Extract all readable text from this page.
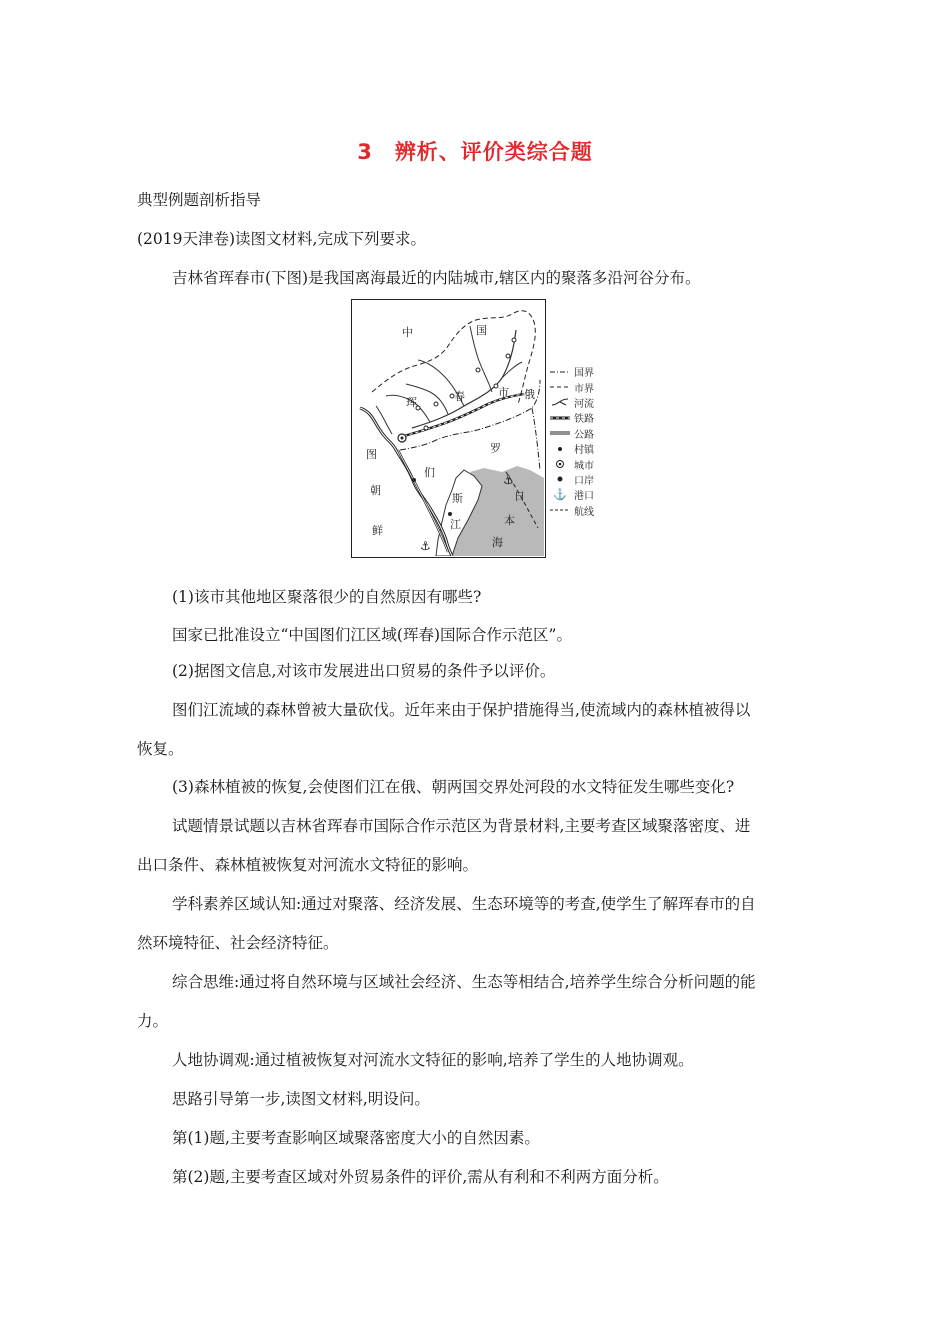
3 辨析、评价类综合题
典型例题剖析指导
(2019天津卷)读图文材料,完成下列要求。
吉林省珲春市(下图)是我国离海最近的内陆城市,辖区内的聚落多沿河谷分布。
⚓
⚓
中	国
珲	春	市 俄
罗
斯
图
们
江
朝
鲜
日
本
海
国界
市界
河流
铁路
公路
村镇
城市
口岸
⚓ 港口
航线
(1)该市其他地区聚落很少的自然原因有哪些?
国家已批准设立“中国图们江区域(珲春)国际合作示范区”。
(2)据图文信息,对该市发展进出口贸易的条件予以评价。
图们江流域的森林曾被大量砍伐。近年来由于保护措施得当,使流域内的森林植被得以
恢复。
(3)森林植被的恢复,会使图们江在俄、朝两国交界处河段的水文特征发生哪些变化?
试题情景试题以吉林省珲春市国际合作示范区为背景材料,主要考查区域聚落密度、进
出口条件、森林植被恢复对河流水文特征的影响。
学科素养区域认知:通过对聚落、经济发展、生态环境等的考查,使学生了解珲春市的自
然环境特征、社会经济特征。
综合思维:通过将自然环境与区域社会经济、生态等相结合,培养学生综合分析问题的能
力。
人地协调观:通过植被恢复对河流水文特征的影响,培养了学生的人地协调观。
思路引导第一步,读图文材料,明设问。
第(1)题,主要考查影响区域聚落密度大小的自然因素。
第(2)题,主要考查区域对外贸易条件的评价,需从有利和不利两方面分析。
